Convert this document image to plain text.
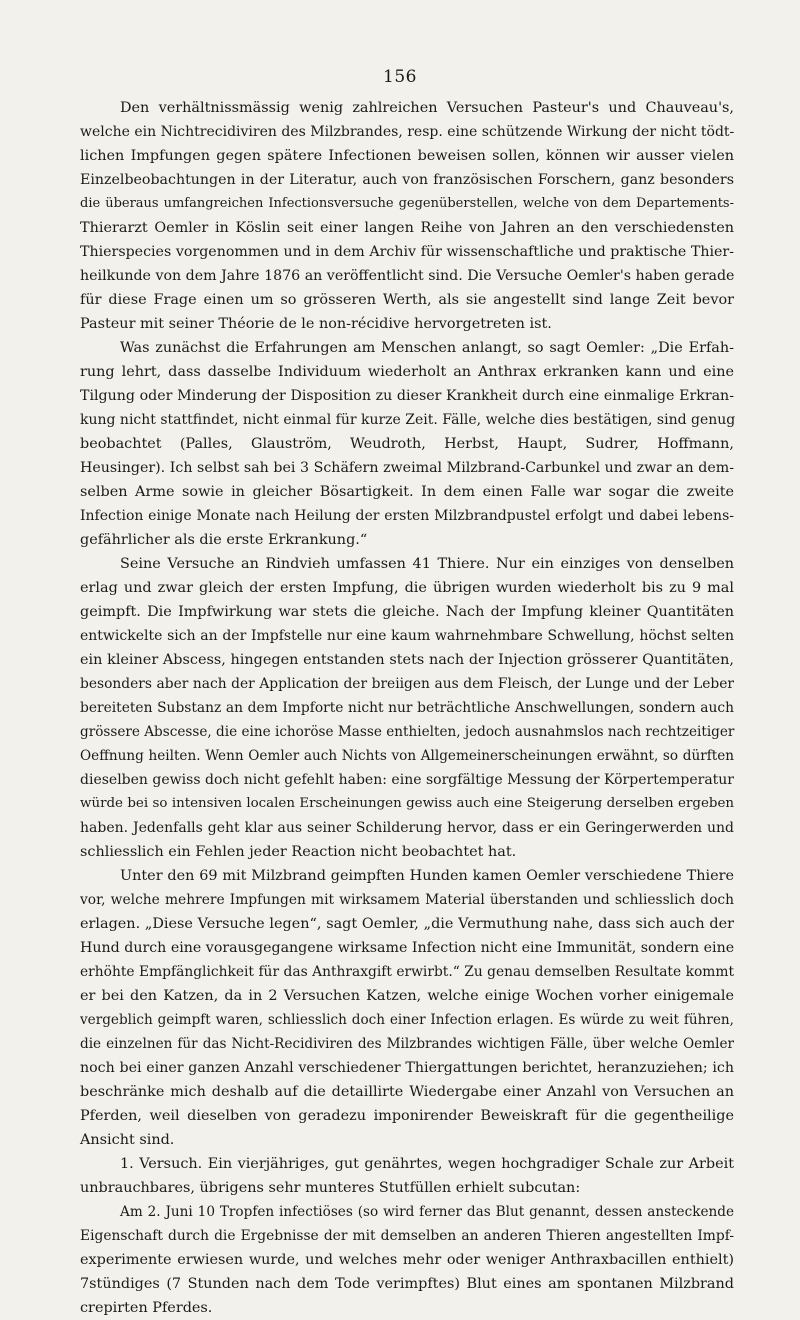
156
Den verhältnissmässig wenig zahlreichen Versuchen Pasteur's und Chauveau's,
welche ein Nichtrecidiviren des Milzbrandes, resp. eine schützende Wirkung der nicht tödt-
lichen Impfungen gegen spätere Infectionen beweisen sollen, können wir ausser vielen
Einzelbeobachtungen in der Literatur, auch von französischen Forschern, ganz besonders
die überaus umfangreichen Infectionsversuche gegenüberstellen, welche von dem Departements-
Thierarzt Oemler in Köslin seit einer langen Reihe von Jahren an den verschiedensten
Thierspecies vorgenommen und in dem Archiv für wissenschaftliche und praktische Thier-
heilkunde von dem Jahre 1876 an veröffentlicht sind. Die Versuche Oemler's haben gerade
für diese Frage einen um so grösseren Werth, als sie angestellt sind lange Zeit bevor
Pasteur mit seiner Théorie de le non-récidive hervorgetreten ist.
Was zunächst die Erfahrungen am Menschen anlangt, so sagt Oemler: „Die Erfah-
rung lehrt, dass dasselbe Individuum wiederholt an Anthrax erkranken kann und eine
Tilgung oder Minderung der Disposition zu dieser Krankheit durch eine einmalige Erkran-
kung nicht stattfindet, nicht einmal für kurze Zeit. Fälle, welche dies bestätigen, sind genug
beobachtet (Palles, Glauström, Weudroth, Herbst, Haupt, Sudrer, Hoffmann,
Heusinger). Ich selbst sah bei 3 Schäfern zweimal Milzbrand-Carbunkel und zwar an dem-
selben Arme sowie in gleicher Bösartigkeit. In dem einen Falle war sogar die zweite
Infection einige Monate nach Heilung der ersten Milzbrandpustel erfolgt und dabei lebens-
gefährlicher als die erste Erkrankung.“
Seine Versuche an Rindvieh umfassen 41 Thiere. Nur ein einziges von denselben
erlag und zwar gleich der ersten Impfung, die übrigen wurden wiederholt bis zu 9 mal
geimpft. Die Impfwirkung war stets die gleiche. Nach der Impfung kleiner Quantitäten
entwickelte sich an der Impfstelle nur eine kaum wahrnehmbare Schwellung, höchst selten
ein kleiner Abscess, hingegen entstanden stets nach der Injection grösserer Quantitäten,
besonders aber nach der Application der breiigen aus dem Fleisch, der Lunge und der Leber
bereiteten Substanz an dem Impforte nicht nur beträchtliche Anschwellungen, sondern auch
grössere Abscesse, die eine ichoröse Masse enthielten, jedoch ausnahmslos nach rechtzeitiger
Oeffnung heilten. Wenn Oemler auch Nichts von Allgemeinerscheinungen erwähnt, so dürften
dieselben gewiss doch nicht gefehlt haben: eine sorgfältige Messung der Körpertemperatur
würde bei so intensiven localen Erscheinungen gewiss auch eine Steigerung derselben ergeben
haben. Jedenfalls geht klar aus seiner Schilderung hervor, dass er ein Geringerwerden und
schliesslich ein Fehlen jeder Reaction nicht beobachtet hat.
Unter den 69 mit Milzbrand geimpften Hunden kamen Oemler verschiedene Thiere
vor, welche mehrere Impfungen mit wirksamem Material überstanden und schliesslich doch
erlagen. „Diese Versuche legen“, sagt Oemler, „die Vermuthung nahe, dass sich auch der
Hund durch eine vorausgegangene wirksame Infection nicht eine Immunität, sondern eine
erhöhte Empfänglichkeit für das Anthraxgift erwirbt.“ Zu genau demselben Resultate kommt
er bei den Katzen, da in 2 Versuchen Katzen, welche einige Wochen vorher einigemale
vergeblich geimpft waren, schliesslich doch einer Infection erlagen. Es würde zu weit führen,
die einzelnen für das Nicht-Recidiviren des Milzbrandes wichtigen Fälle, über welche Oemler
noch bei einer ganzen Anzahl verschiedener Thiergattungen berichtet, heranzuziehen; ich
beschränke mich deshalb auf die detaillirte Wiedergabe einer Anzahl von Versuchen an
Pferden, weil dieselben von geradezu imponirender Beweiskraft für die gegentheilige
Ansicht sind.
1. Versuch. Ein vierjähriges, gut genährtes, wegen hochgradiger Schale zur Arbeit
unbrauchbares, übrigens sehr munteres Stutfüllen erhielt subcutan:
Am 2. Juni 10 Tropfen infectiöses (so wird ferner das Blut genannt, dessen ansteckende
Eigenschaft durch die Ergebnisse der mit demselben an anderen Thieren angestellten Impf-
experimente erwiesen wurde, und welches mehr oder weniger Anthraxbacillen enthielt)
7stündiges (7 Stunden nach dem Tode verimpftes) Blut eines am spontanen Milzbrand
crepirten Pferdes.
